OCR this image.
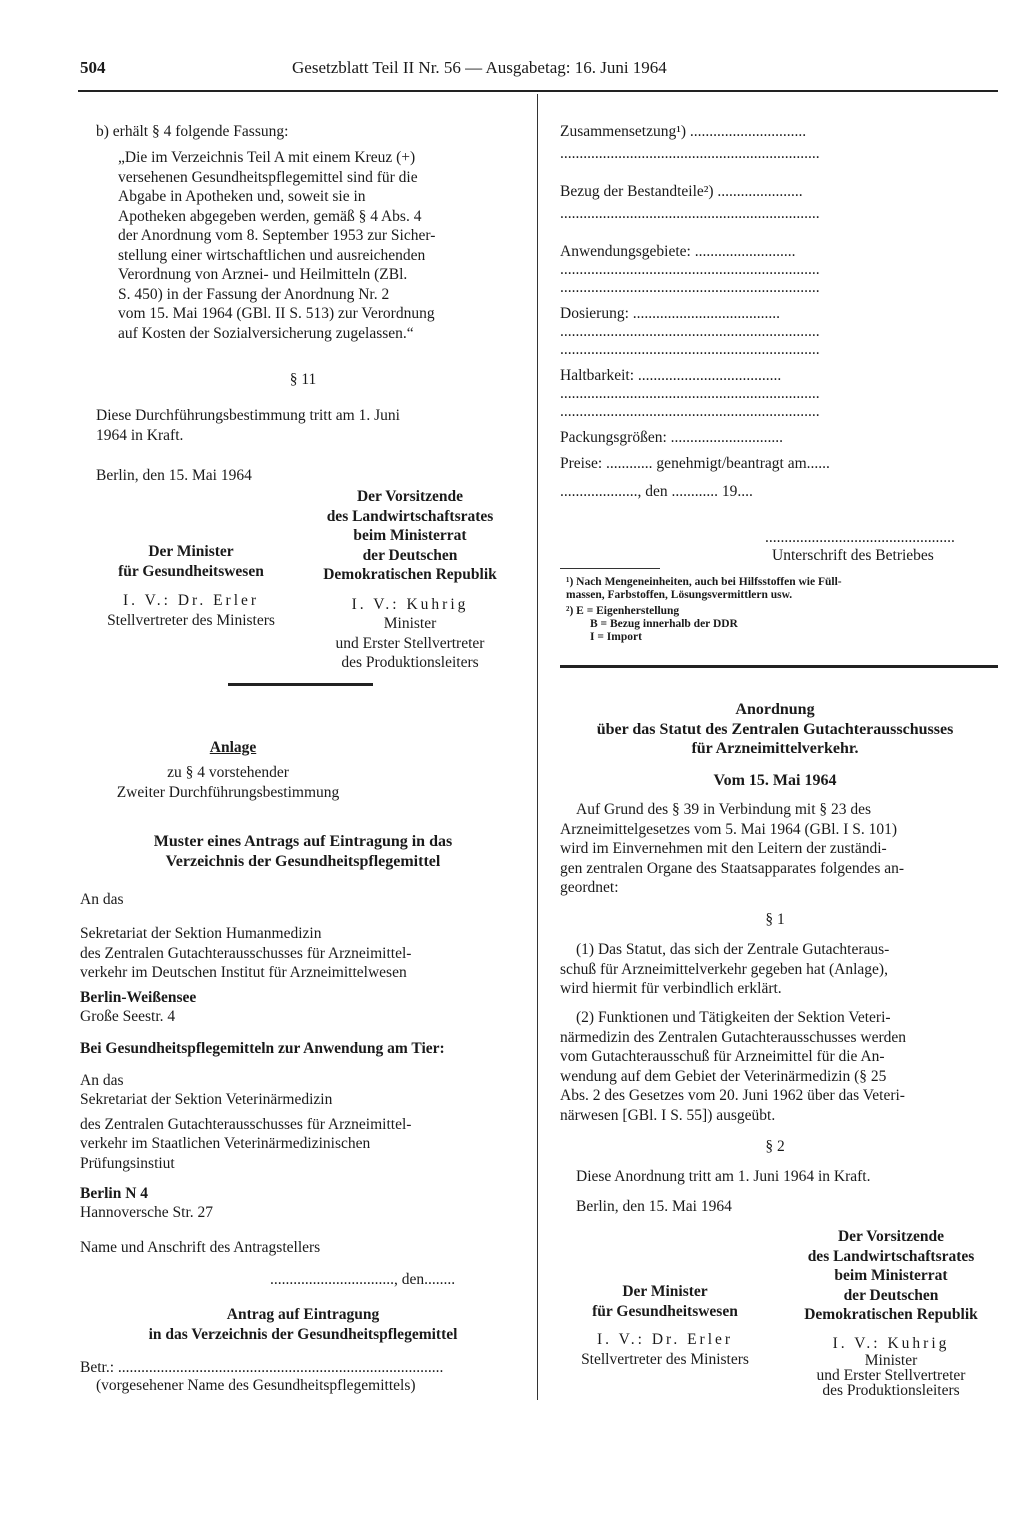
504	Gesetzblatt Teil II Nr. 56 — Ausgabetag: 16. Juni 1964
b) erhält § 4 folgende Fassung:

„Die im Verzeichnis Teil A mit einem Kreuz (+)

versehenen Gesundheitspflegemittel sind für die

Abgabe in Apotheken und, soweit sie in

Apotheken abgegeben werden, gemäß § 4 Abs. 4

der Anordnung vom 8. September 1953 zur Sicher-

stellung einer wirtschaftlichen und ausreichenden

Verordnung von Arznei- und Heilmitteln (ZBl.

S. 450) in der Fassung der Anordnung Nr. 2

vom 15. Mai 1964 (GBl. II S. 513) zur Verordnung

auf Kosten der Sozialversicherung zugelassen.“

§ 11

Diese Durchführungsbestimmung tritt am 1. Juni

1964 in Kraft.

Berlin, den 15. Mai 1964

Der Minister

für Gesundheitswesen

I. V.: Dr. Erler

Stellvertreter des Ministers

Der Vorsitzende

des Landwirtschaftsrates

beim Ministerrat

der Deutschen

Demokratischen Republik

I. V.: Kuhrig

Minister

und Erster Stellvertreter

des Produktionsleiters

Anlage

zu § 4 vorstehender

Zweiter Durchführungsbestimmung

Muster eines Antrags auf Eintragung in das

Verzeichnis der Gesundheitspflegemittel

An das

Sekretariat der Sektion Humanmedizin

des Zentralen Gutachterausschusses für Arzneimittel-

verkehr im Deutschen Institut für Arzneimittelwesen

Berlin-Weißensee
Große Seestr. 4
Bei Gesundheitspflegemitteln zur Anwendung am Tier:
An das

Sekretariat der Sektion Veterinärmedizin

des Zentralen Gutachterausschusses für Arzneimittel-

verkehr im Staatlichen Veterinärmedizinischen

Prüfungsinstiut

Berlin N 4
Hannoversche Str. 27
Name und Anschrift des Antragstellers
................................, den........

Antrag auf Eintragung

in das Verzeichnis der Gesundheitspflegemittel

Betr.: ....................................................................................
(vorgesehener Name des Gesundheitspflegemittels)

Zusammensetzung¹) ..............................

...................................................................

Bezug der Bestandteile²) ......................

...................................................................

Anwendungsgebiete: ..........................

...................................................................

...................................................................

Dosierung: ......................................

...................................................................

...................................................................

Haltbarkeit: .....................................

...................................................................

...................................................................

Packungsgrößen: .............................

Preise: ............ genehmigt/beantragt am......

...................., den ............ 19....

.................................................
Unterschrift des Betriebes

¹) Nach Mengeneinheiten, auch bei Hilfsstoffen wie Füll-

massen, Farbstoffen, Lösungsvermittlern usw.

²) E = Eigenherstellung

B = Bezug innerhalb der DDR

I = Import

Anordnung

über das Statut des Zentralen Gutachterausschusses

für Arzneimittelverkehr.

Vom 15. Mai 1964

Auf Grund des § 39 in Verbindung mit § 23 des

Arzneimittelgesetzes vom 5. Mai 1964 (GBl. I S. 101)

wird im Einvernehmen mit den Leitern der zuständi-

gen zentralen Organe des Staatsapparates folgendes an-

geordnet:

§ 1

(1) Das Statut, das sich der Zentrale Gutachteraus-

schuß für Arzneimittelverkehr gegeben hat (Anlage),

wird hiermit für verbindlich erklärt.

(2) Funktionen und Tätigkeiten der Sektion Veteri-

närmedizin des Zentralen Gutachterausschusses werden

vom Gutachterausschuß für Arzneimittel für die An-

wendung auf dem Gebiet der Veterinärmedizin (§ 25

Abs. 2 des Gesetzes vom 20. Juni 1962 über das Veteri-

närwesen [GBl. I S. 55]) ausgeübt.

§ 2
Diese Anordnung tritt am 1. Juni 1964 in Kraft.
Berlin, den 15. Mai 1964

Der Minister

für Gesundheitswesen

I. V.: Dr. Erler

Stellvertreter des Ministers

Der Vorsitzende

des Landwirtschaftsrates

beim Ministerrat

der Deutschen

Demokratischen Republik

I. V.: Kuhrig

Minister

und Erster Stellvertreter

des Produktionsleiters
